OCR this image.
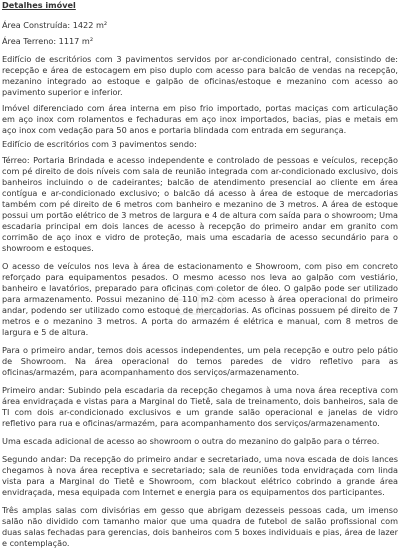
Detalhes imóvel

Área Construída: 1422 m²

Área Terreno: 1117 m²

Edifício de escritórios com 3 pavimentos servidos por ar-condicionado central, consistindo de: recepção e área de estocagem em piso duplo com acesso para balcão de vendas na recepção, mezanino integrado ao estoque e galpão de oficinas/estoque e mezanino com acesso ao pavimento superior e inferior.

Imóvel diferenciado com área interna em piso frio importado, portas maciças com articulação em aço inox com rolamentos e fechaduras em aço inox importados, bacias, pias e metais em aço inox com vedação para 50 anos e portaria blindada com entrada em segurança.

Edifício de escritórios com 3 pavimentos sendo:

Térreo: Portaria Brindada e acesso independente e controlado de pessoas e veículos, recepção com pé direito de dois níveis com sala de reunião integrada com ar-condicionado exclusivo, dois banheiros incluindo o de cadeirantes; balcão de atendimento presencial ao cliente em área contígua e ar-condicionado exclusivo; o balcão dá acesso à área de estoque de mercadorias também com pé direito de 6 metros com banheiro e mezanino de 3 metros. A área de estoque possui um portão elétrico de 3 metros de largura e 4 de altura com saída para o showroom; Uma escadaria principal em dois lances de acesso à recepção do primeiro andar em granito com corrimão de aço inox e vidro de proteção, mais uma escadaria de acesso secundário para o showroom e estoques.

O acesso de veículos nos leva à área de estacionamento e Showroom, com piso em concreto reforçado para equipamentos pesados. O mesmo acesso nos leva ao galpão com vestiário, banheiro e lavatórios, preparado para oficinas com coletor de óleo. O galpão pode ser utilizado para armazenamento. Possui mezanino de 110 m2 com acesso à área operacional do primeiro andar, podendo ser utilizado como estoque de mercadorias. As oficinas possuem pé direito de 7 metros e o mezanino 3 metros. A porta do armazém é elétrica e manual, com 8 metros de largura e 5 de altura.

Para o primeiro andar, temos dois acessos independentes, um pela recepção e outro pelo pátio de Showroom. Na área operacional do temos paredes de vidro refletivo para as oficinas/armazém, para acompanhamento dos serviços/armazenamento.

Primeiro andar: Subindo pela escadaria da recepção chegamos à uma nova área receptiva com área envidraçada e vistas para a Marginal do Tietê, sala de treinamento, dois banheiros, sala de TI com dois ar-condicionado exclusivos e um grande salão operacional e janelas de vidro refletivo para rua e oficinas/armazém, para acompanhamento dos serviços/armazenamento.

Uma escada adicional de acesso ao showroom o outra do mezanino do galpão para o térreo.

Segundo andar: Da recepção do primeiro andar e secretariado, uma nova escada de dois lances chegamos à nova área receptiva e secretariado; sala de reuniões toda envidraçada com linda vista para a Marginal do Tietê e Showroom, com blackout elétrico cobrindo a grande área envidraçada, mesa equipada com Internet e energia para os equipamentos dos participantes.

Três amplas salas com divisórias em gesso que abrigam dezesseis pessoas cada, um imenso salão não dividido com tamanho maior que uma quadra de futebol de salão profissional com duas salas fechadas para gerencias, dois banheiros com 5 boxes individuais e pias, área de lazer e contemplação.
